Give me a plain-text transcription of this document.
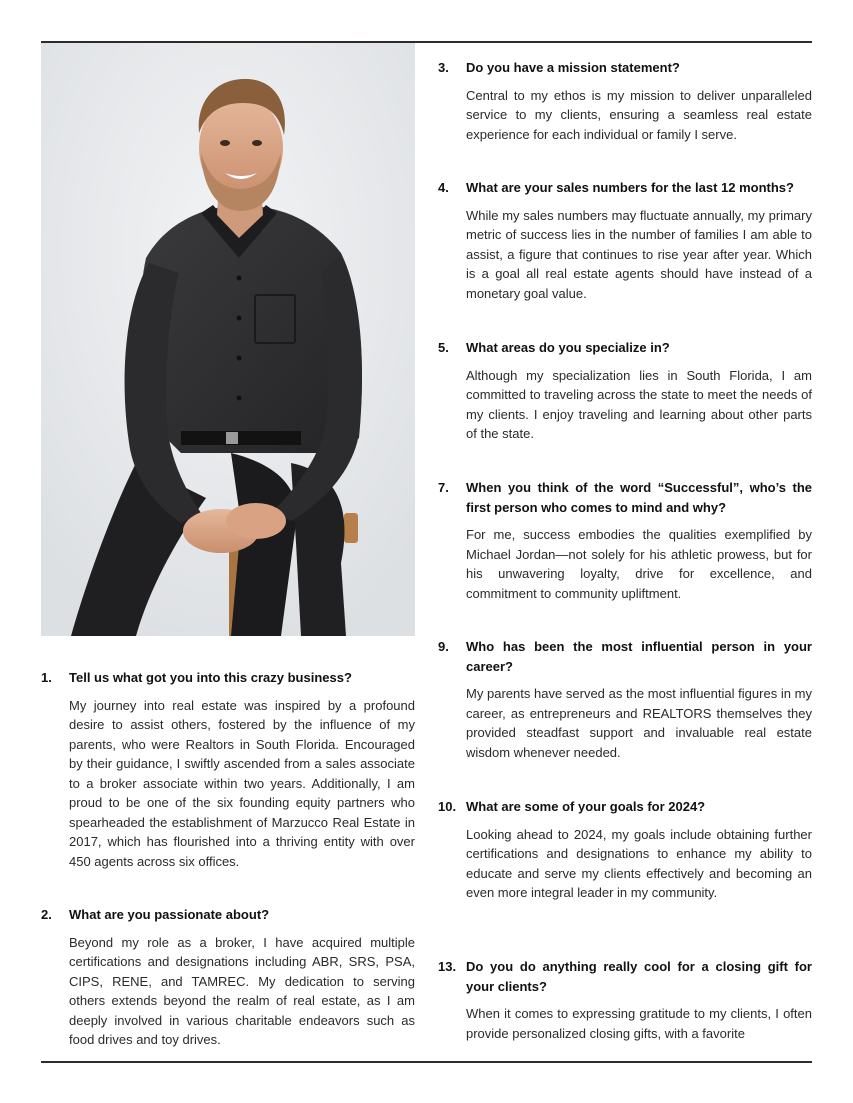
1. Tell us what got you into this crazy business?

My journey into real estate was inspired by a profound desire to assist others, fostered by the influence of my parents, who were Realtors in South Florida. Encouraged by their guidance, I swiftly ascended from a sales associate to a broker associate within two years. Additionally, I am proud to be one of the six founding equity partners who spearheaded the establishment of Marzucco Real Estate in 2017, which has flourished into a thriving entity with over 450 agents across six offices.

2. What are you passionate about?

Beyond my role as a broker, I have acquired multiple certifications and designations including ABR, SRS, PSA, CIPS, RENE, and TAMREC. My dedication to serving others extends beyond the realm of real estate, as I am deeply involved in various charitable endeavors such as food drives and toy drives.

3. Do you have a mission statement?

Central to my ethos is my mission to deliver unparalleled service to my clients, ensuring a seamless real estate experience for each individual or family I serve.

4. What are your sales numbers for the last 12 months?

While my sales numbers may fluctuate annually, my primary metric of success lies in the number of families I am able to assist, a figure that continues to rise year after year. Which is a goal all real estate agents should have instead of a monetary goal value.

5. What areas do you specialize in?

Although my specialization lies in South Florida, I am committed to traveling across the state to meet the needs of my clients. I enjoy traveling and learning about other parts of the state.

7. When you think of the word “Successful”, who’s the first person who comes to mind and why?

For me, success embodies the qualities exemplified by Michael Jordan—not solely for his athletic prowess, but for his unwavering loyalty, drive for excellence, and commitment to community upliftment.

9. Who has been the most influential person in your career?

My parents have served as the most influential figures in my career, as entrepreneurs and REALTORS themselves they provided steadfast support and invaluable real estate wisdom whenever needed.

10. What are some of your goals for 2024?

Looking ahead to 2024, my goals include obtaining further certifications and designations to enhance my ability to educate and serve my clients effectively and becoming an even more integral leader in my community.

13. Do you do anything really cool for a closing gift for your clients?

When it comes to expressing gratitude to my clients, I often provide personalized closing gifts, with a favorite
